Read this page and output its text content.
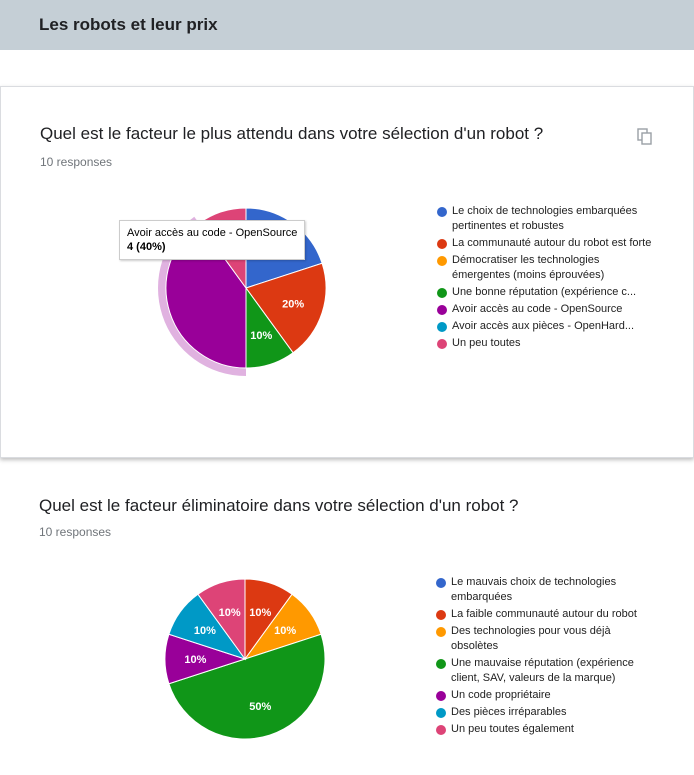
Les robots et leur prix
Quel est le facteur le plus attendu dans votre sélection d'un robot ?
10 responses
20%
10%
Le choix de technologies embarquées pertinentes et robustes
La communauté autour du robot est forte
Démocratiser les technologies émergentes (moins éprouvées)
Une bonne réputation (expérience c...
Avoir accès au code - OpenSource
Avoir accès aux pièces - OpenHard...
Un peu toutes
Avoir accès au code - OpenSource
4 (40%)
Quel est le facteur éliminatoire dans votre sélection d'un robot ?
10 responses
10%
10%
50%
10%
10%
10%
Le mauvais choix de technologies embarquées
La faible communauté autour du robot
Des technologies pour vous déjà obsolètes
Une mauvaise réputation (expérience client, SAV, valeurs de la marque)
Un code propriétaire
Des pièces irréparables
Un peu toutes également
